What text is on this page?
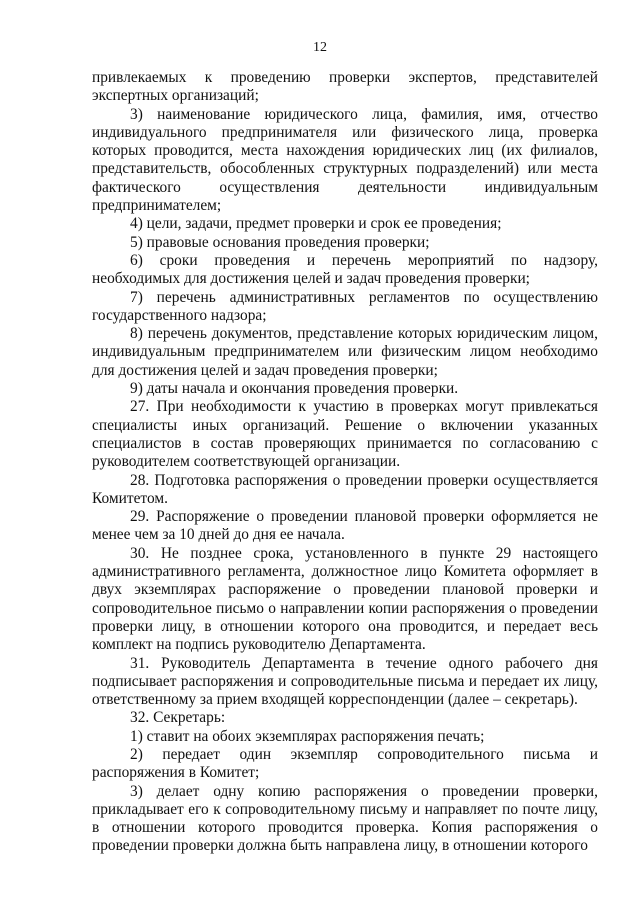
12

привлекаемых к проведению проверки экспертов, представителей экспертных организаций;

3) наименование юридического лица, фамилия, имя, отчество индивидуального предпринимателя или физического лица, проверка которых проводится, места нахождения юридических лиц (их филиалов, представительств, обособленных структурных подразделений) или места фактического осуществления деятельности индивидуальным предпринимателем;

4) цели, задачи, предмет проверки и срок ее проведения;

5) правовые основания проведения проверки;

6) сроки проведения и перечень мероприятий по надзору, необходимых для достижения целей и задач проведения проверки;

7) перечень административных регламентов по осуществлению государственного надзора;

8) перечень документов, представление которых юридическим лицом, индивидуальным предпринимателем или физическим лицом необходимо для достижения целей и задач проведения проверки;

9) даты начала и окончания проведения проверки.

27. При необходимости к участию в проверках могут привлекаться специалисты иных организаций. Решение о включении указанных специалистов в состав проверяющих принимается по согласованию с руководителем соответствующей организации.

28. Подготовка распоряжения о проведении проверки осуществляется Комитетом.

29. Распоряжение о проведении плановой проверки оформляется не менее чем за 10 дней до дня ее начала.

30. Не позднее срока, установленного в пункте 29 настоящего административного регламента, должностное лицо Комитета оформляет в двух экземплярах распоряжение о проведении плановой проверки и сопроводительное письмо о направлении копии распоряжения о проведении проверки лицу, в отношении которого она проводится, и передает весь комплект на подпись руководителю Департамента.

31. Руководитель Департамента в течение одного рабочего дня подписывает распоряжения и сопроводительные письма и передает их лицу, ответственному за прием входящей корреспонденции (далее – секретарь).

32. Секретарь:

1) ставит на обоих экземплярах распоряжения печать;

2) передает один экземпляр сопроводительного письма и распоряжения в Комитет;

3) делает одну копию распоряжения о проведении проверки, прикладывает его к сопроводительному письму и направляет по почте лицу, в отношении которого проводится проверка. Копия распоряжения о проведении проверки должна быть направлена лицу, в отношении которого
